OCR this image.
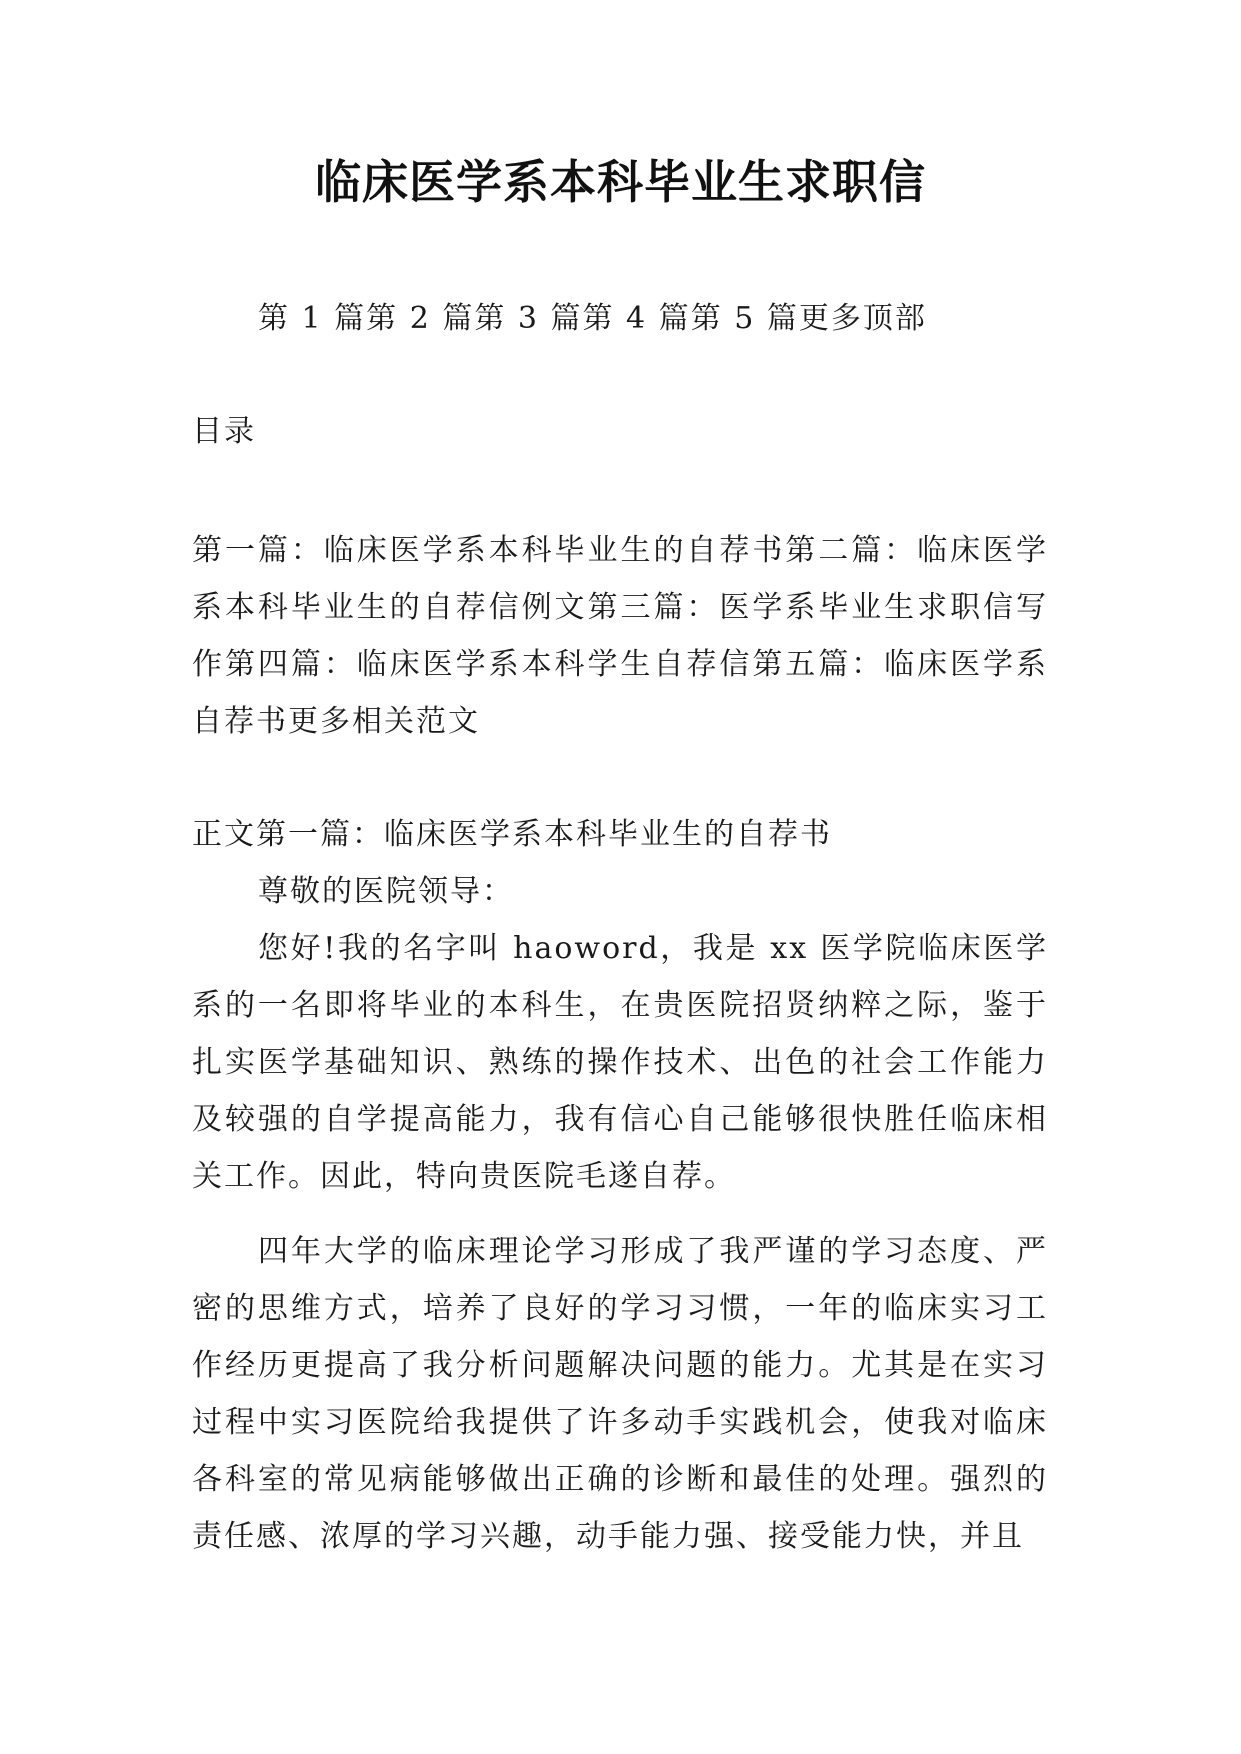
临床医学系本科毕业生求职信

第 1 篇第 2 篇第 3 篇第 4 篇第 5 篇更多顶部

目录

第一篇：临床医学系本科毕业生的自荐书第二篇：临床医学系本科毕业生的自荐信例文第三篇：医学系毕业生求职信写作第四篇：临床医学系本科学生自荐信第五篇：临床医学系自荐书更多相关范文

正文第一篇：临床医学系本科毕业生的自荐书

尊敬的医院领导：

您好!我的名字叫 haoword，我是 xx 医学院临床医学系的一名即将毕业的本科生，在贵医院招贤纳粹之际，鉴于扎实医学基础知识、熟练的操作技术、出色的社会工作能力及较强的自学提高能力，我有信心自己能够很快胜任临床相关工作。因此，特向贵医院毛遂自荐。

四年大学的临床理论学习形成了我严谨的学习态度、严密的思维方式，培养了良好的学习习惯，一年的临床实习工作经历更提高了我分析问题解决问题的能力。尤其是在实习过程中实习医院给我提供了许多动手实践机会，使我对临床各科室的常见病能够做出正确的诊断和最佳的处理。强烈的责任感、浓厚的学习兴趣，动手能力强、接受能力快，并且
